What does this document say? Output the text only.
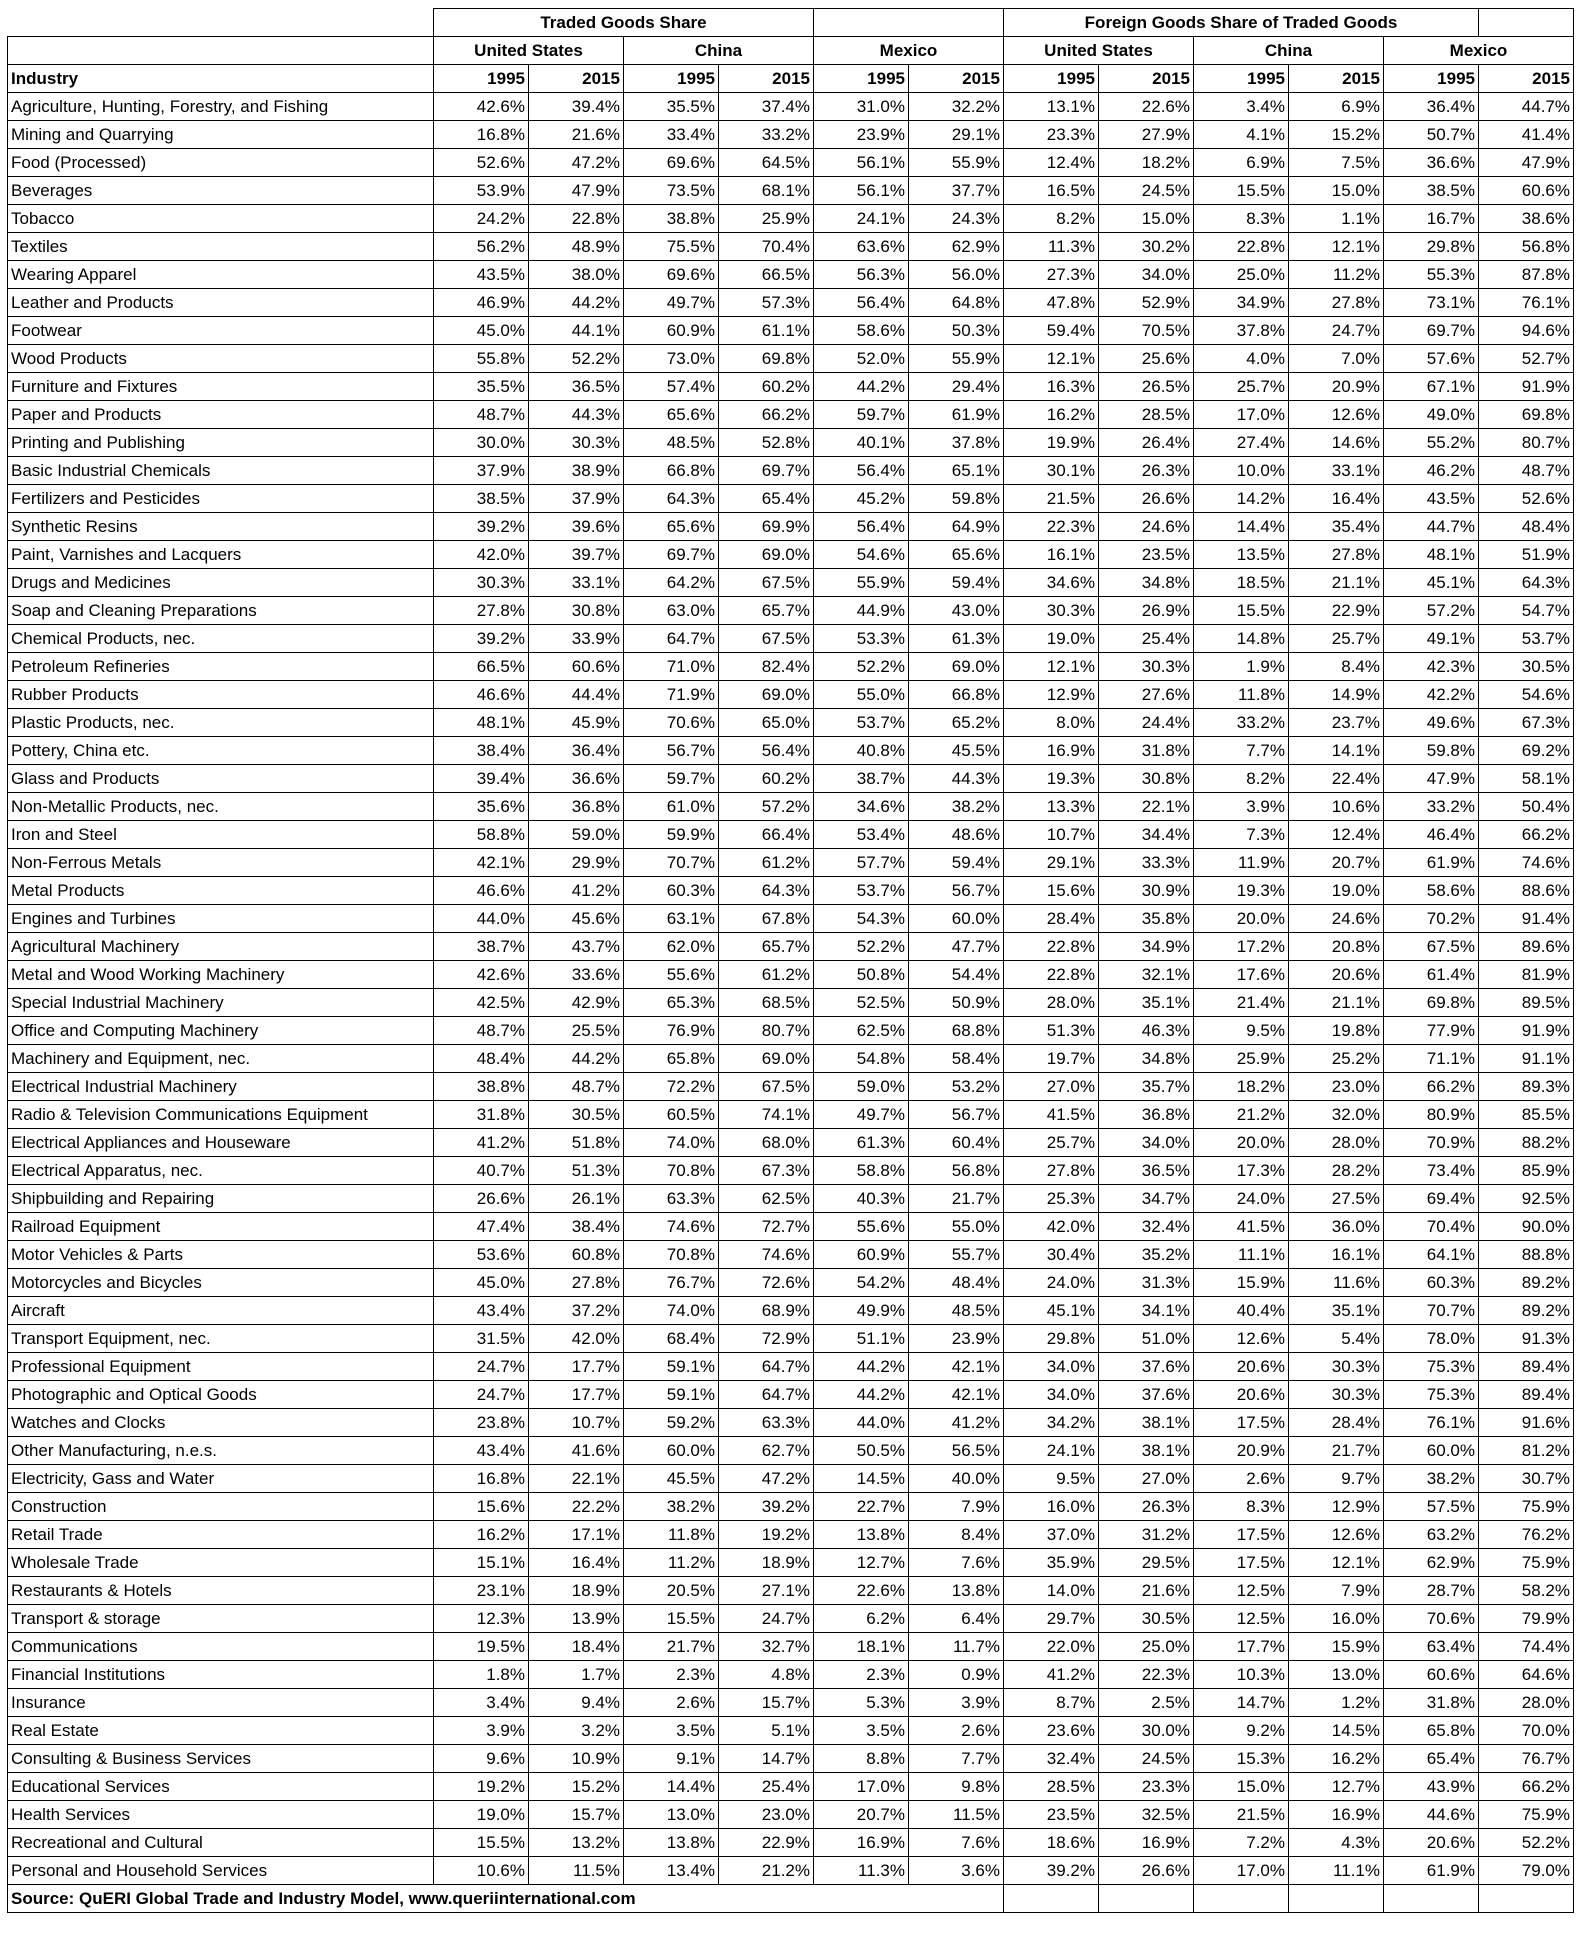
	Traded Goods Share						Foreign Goods Share of Traded Goods					
	United States		China		Mexico		United States		China		Mexico	
Industry	1995	2015	1995	2015	1995	2015	1995	2015	1995	2015	1995	2015
Agriculture, Hunting, Forestry, and Fishing	42.6%	39.4%	35.5%	37.4%	31.0%	32.2%	13.1%	22.6%	3.4%	6.9%	36.4%	44.7%
Mining and Quarrying	16.8%	21.6%	33.4%	33.2%	23.9%	29.1%	23.3%	27.9%	4.1%	15.2%	50.7%	41.4%
Food (Processed)	52.6%	47.2%	69.6%	64.5%	56.1%	55.9%	12.4%	18.2%	6.9%	7.5%	36.6%	47.9%
Beverages	53.9%	47.9%	73.5%	68.1%	56.1%	37.7%	16.5%	24.5%	15.5%	15.0%	38.5%	60.6%
Tobacco	24.2%	22.8%	38.8%	25.9%	24.1%	24.3%	8.2%	15.0%	8.3%	1.1%	16.7%	38.6%
Textiles	56.2%	48.9%	75.5%	70.4%	63.6%	62.9%	11.3%	30.2%	22.8%	12.1%	29.8%	56.8%
Wearing Apparel	43.5%	38.0%	69.6%	66.5%	56.3%	56.0%	27.3%	34.0%	25.0%	11.2%	55.3%	87.8%
Leather and Products	46.9%	44.2%	49.7%	57.3%	56.4%	64.8%	47.8%	52.9%	34.9%	27.8%	73.1%	76.1%
Footwear	45.0%	44.1%	60.9%	61.1%	58.6%	50.3%	59.4%	70.5%	37.8%	24.7%	69.7%	94.6%
Wood Products	55.8%	52.2%	73.0%	69.8%	52.0%	55.9%	12.1%	25.6%	4.0%	7.0%	57.6%	52.7%
Furniture and Fixtures	35.5%	36.5%	57.4%	60.2%	44.2%	29.4%	16.3%	26.5%	25.7%	20.9%	67.1%	91.9%
Paper and Products	48.7%	44.3%	65.6%	66.2%	59.7%	61.9%	16.2%	28.5%	17.0%	12.6%	49.0%	69.8%
Printing and Publishing	30.0%	30.3%	48.5%	52.8%	40.1%	37.8%	19.9%	26.4%	27.4%	14.6%	55.2%	80.7%
Basic Industrial Chemicals	37.9%	38.9%	66.8%	69.7%	56.4%	65.1%	30.1%	26.3%	10.0%	33.1%	46.2%	48.7%
Fertilizers and Pesticides	38.5%	37.9%	64.3%	65.4%	45.2%	59.8%	21.5%	26.6%	14.2%	16.4%	43.5%	52.6%
Synthetic Resins	39.2%	39.6%	65.6%	69.9%	56.4%	64.9%	22.3%	24.6%	14.4%	35.4%	44.7%	48.4%
Paint, Varnishes and Lacquers	42.0%	39.7%	69.7%	69.0%	54.6%	65.6%	16.1%	23.5%	13.5%	27.8%	48.1%	51.9%
Drugs and Medicines	30.3%	33.1%	64.2%	67.5%	55.9%	59.4%	34.6%	34.8%	18.5%	21.1%	45.1%	64.3%
Soap and Cleaning Preparations	27.8%	30.8%	63.0%	65.7%	44.9%	43.0%	30.3%	26.9%	15.5%	22.9%	57.2%	54.7%
Chemical Products, nec.	39.2%	33.9%	64.7%	67.5%	53.3%	61.3%	19.0%	25.4%	14.8%	25.7%	49.1%	53.7%
Petroleum Refineries	66.5%	60.6%	71.0%	82.4%	52.2%	69.0%	12.1%	30.3%	1.9%	8.4%	42.3%	30.5%
Rubber Products	46.6%	44.4%	71.9%	69.0%	55.0%	66.8%	12.9%	27.6%	11.8%	14.9%	42.2%	54.6%
Plastic Products, nec.	48.1%	45.9%	70.6%	65.0%	53.7%	65.2%	8.0%	24.4%	33.2%	23.7%	49.6%	67.3%
Pottery, China etc.	38.4%	36.4%	56.7%	56.4%	40.8%	45.5%	16.9%	31.8%	7.7%	14.1%	59.8%	69.2%
Glass and Products	39.4%	36.6%	59.7%	60.2%	38.7%	44.3%	19.3%	30.8%	8.2%	22.4%	47.9%	58.1%
Non-Metallic Products, nec.	35.6%	36.8%	61.0%	57.2%	34.6%	38.2%	13.3%	22.1%	3.9%	10.6%	33.2%	50.4%
Iron and Steel	58.8%	59.0%	59.9%	66.4%	53.4%	48.6%	10.7%	34.4%	7.3%	12.4%	46.4%	66.2%
Non-Ferrous Metals	42.1%	29.9%	70.7%	61.2%	57.7%	59.4%	29.1%	33.3%	11.9%	20.7%	61.9%	74.6%
Metal Products	46.6%	41.2%	60.3%	64.3%	53.7%	56.7%	15.6%	30.9%	19.3%	19.0%	58.6%	88.6%
Engines and Turbines	44.0%	45.6%	63.1%	67.8%	54.3%	60.0%	28.4%	35.8%	20.0%	24.6%	70.2%	91.4%
Agricultural Machinery	38.7%	43.7%	62.0%	65.7%	52.2%	47.7%	22.8%	34.9%	17.2%	20.8%	67.5%	89.6%
Metal and Wood Working Machinery	42.6%	33.6%	55.6%	61.2%	50.8%	54.4%	22.8%	32.1%	17.6%	20.6%	61.4%	81.9%
Special Industrial Machinery	42.5%	42.9%	65.3%	68.5%	52.5%	50.9%	28.0%	35.1%	21.4%	21.1%	69.8%	89.5%
Office and Computing Machinery	48.7%	25.5%	76.9%	80.7%	62.5%	68.8%	51.3%	46.3%	9.5%	19.8%	77.9%	91.9%
Machinery and Equipment, nec.	48.4%	44.2%	65.8%	69.0%	54.8%	58.4%	19.7%	34.8%	25.9%	25.2%	71.1%	91.1%
Electrical Industrial Machinery	38.8%	48.7%	72.2%	67.5%	59.0%	53.2%	27.0%	35.7%	18.2%	23.0%	66.2%	89.3%
Radio & Television Communications Equipment	31.8%	30.5%	60.5%	74.1%	49.7%	56.7%	41.5%	36.8%	21.2%	32.0%	80.9%	85.5%
Electrical Appliances and Houseware	41.2%	51.8%	74.0%	68.0%	61.3%	60.4%	25.7%	34.0%	20.0%	28.0%	70.9%	88.2%
Electrical Apparatus, nec.	40.7%	51.3%	70.8%	67.3%	58.8%	56.8%	27.8%	36.5%	17.3%	28.2%	73.4%	85.9%
Shipbuilding and Repairing	26.6%	26.1%	63.3%	62.5%	40.3%	21.7%	25.3%	34.7%	24.0%	27.5%	69.4%	92.5%
Railroad Equipment	47.4%	38.4%	74.6%	72.7%	55.6%	55.0%	42.0%	32.4%	41.5%	36.0%	70.4%	90.0%
Motor Vehicles & Parts	53.6%	60.8%	70.8%	74.6%	60.9%	55.7%	30.4%	35.2%	11.1%	16.1%	64.1%	88.8%
Motorcycles and Bicycles	45.0%	27.8%	76.7%	72.6%	54.2%	48.4%	24.0%	31.3%	15.9%	11.6%	60.3%	89.2%
Aircraft	43.4%	37.2%	74.0%	68.9%	49.9%	48.5%	45.1%	34.1%	40.4%	35.1%	70.7%	89.2%
Transport Equipment, nec.	31.5%	42.0%	68.4%	72.9%	51.1%	23.9%	29.8%	51.0%	12.6%	5.4%	78.0%	91.3%
Professional Equipment	24.7%	17.7%	59.1%	64.7%	44.2%	42.1%	34.0%	37.6%	20.6%	30.3%	75.3%	89.4%
Photographic and Optical Goods	24.7%	17.7%	59.1%	64.7%	44.2%	42.1%	34.0%	37.6%	20.6%	30.3%	75.3%	89.4%
Watches and Clocks	23.8%	10.7%	59.2%	63.3%	44.0%	41.2%	34.2%	38.1%	17.5%	28.4%	76.1%	91.6%
Other Manufacturing, n.e.s.	43.4%	41.6%	60.0%	62.7%	50.5%	56.5%	24.1%	38.1%	20.9%	21.7%	60.0%	81.2%
Electricity, Gass and Water	16.8%	22.1%	45.5%	47.2%	14.5%	40.0%	9.5%	27.0%	2.6%	9.7%	38.2%	30.7%
Construction	15.6%	22.2%	38.2%	39.2%	22.7%	7.9%	16.0%	26.3%	8.3%	12.9%	57.5%	75.9%
Retail Trade	16.2%	17.1%	11.8%	19.2%	13.8%	8.4%	37.0%	31.2%	17.5%	12.6%	63.2%	76.2%
Wholesale Trade	15.1%	16.4%	11.2%	18.9%	12.7%	7.6%	35.9%	29.5%	17.5%	12.1%	62.9%	75.9%
Restaurants & Hotels	23.1%	18.9%	20.5%	27.1%	22.6%	13.8%	14.0%	21.6%	12.5%	7.9%	28.7%	58.2%
Transport & storage	12.3%	13.9%	15.5%	24.7%	6.2%	6.4%	29.7%	30.5%	12.5%	16.0%	70.6%	79.9%
Communications	19.5%	18.4%	21.7%	32.7%	18.1%	11.7%	22.0%	25.0%	17.7%	15.9%	63.4%	74.4%
Financial Institutions	1.8%	1.7%	2.3%	4.8%	2.3%	0.9%	41.2%	22.3%	10.3%	13.0%	60.6%	64.6%
Insurance	3.4%	9.4%	2.6%	15.7%	5.3%	3.9%	8.7%	2.5%	14.7%	1.2%	31.8%	28.0%
Real Estate	3.9%	3.2%	3.5%	5.1%	3.5%	2.6%	23.6%	30.0%	9.2%	14.5%	65.8%	70.0%
Consulting & Business Services	9.6%	10.9%	9.1%	14.7%	8.8%	7.7%	32.4%	24.5%	15.3%	16.2%	65.4%	76.7%
Educational Services	19.2%	15.2%	14.4%	25.4%	17.0%	9.8%	28.5%	23.3%	15.0%	12.7%	43.9%	66.2%
Health Services	19.0%	15.7%	13.0%	23.0%	20.7%	11.5%	23.5%	32.5%	21.5%	16.9%	44.6%	75.9%
Recreational and Cultural	15.5%	13.2%	13.8%	22.9%	16.9%	7.6%	18.6%	16.9%	7.2%	4.3%	20.6%	52.2%
Personal and Household Services	10.6%	11.5%	13.4%	21.2%	11.3%	3.6%	39.2%	26.6%	17.0%	11.1%	61.9%	79.0%
Source: QuERI Global Trade and Industry Model, www.queriinternational.com												
